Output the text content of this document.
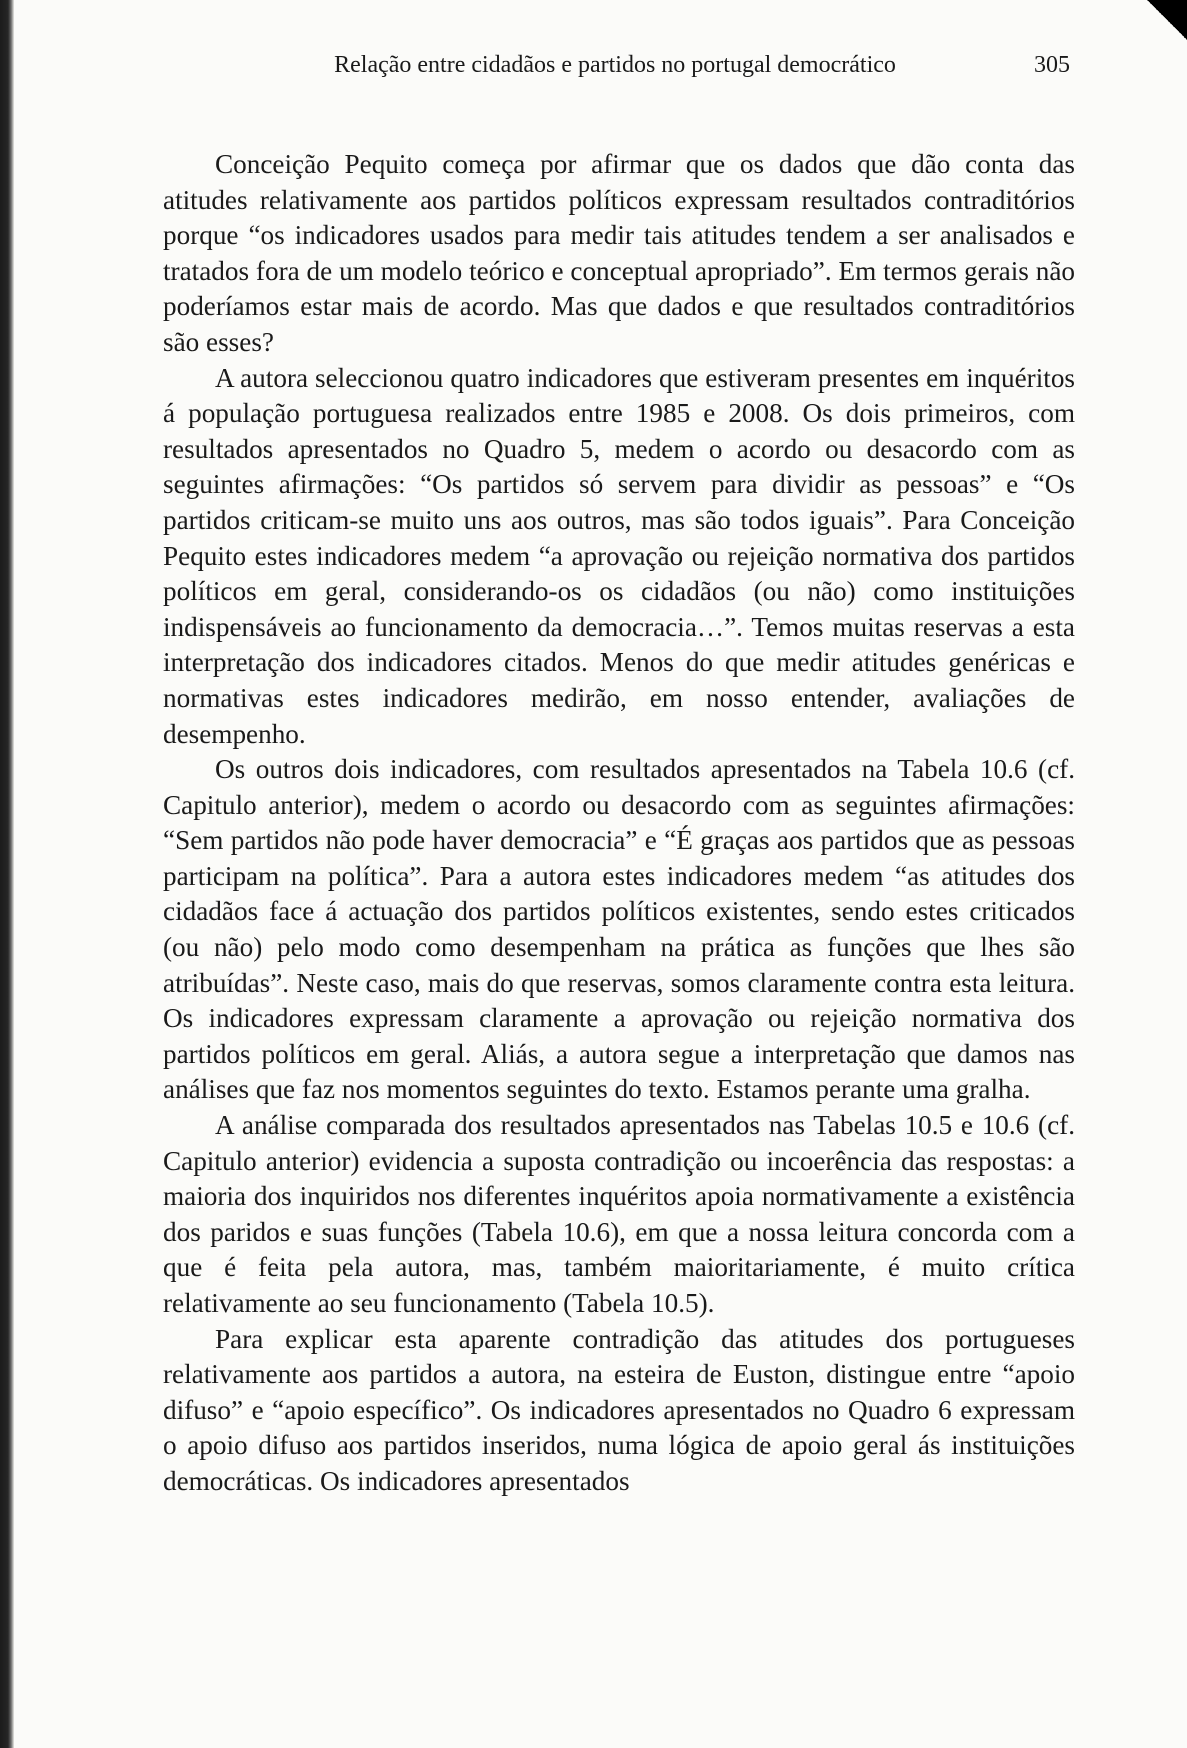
Relação entre cidadãos e partidos no portugal democrático	305

Conceição Pequito começa por afirmar que os dados que dão conta das atitudes relativamente aos partidos políticos expressam resultados contraditórios porque “os indicadores usados para medir tais atitudes tendem a ser analisados e tratados fora de um modelo teórico e conceptual apropriado”. Em termos gerais não poderíamos estar mais de acordo. Mas que dados e que resultados contraditórios são esses?

A autora seleccionou quatro indicadores que estiveram presentes em inquéritos á população portuguesa realizados entre 1985 e 2008. Os dois primeiros, com resultados apresentados no Quadro 5, medem o acordo ou desacordo com as seguintes afirmações: “Os partidos só servem para dividir as pessoas” e “Os partidos criticam-se muito uns aos outros, mas são todos iguais”. Para Conceição Pequito estes indicadores medem “a aprovação ou rejeição normativa dos partidos políticos em geral, considerando-os os cidadãos (ou não) como instituições indispensáveis ao funcionamento da democracia…”. Temos muitas reservas a esta interpretação dos indicadores citados. Menos do que medir atitudes genéricas e normativas estes indicadores medirão, em nosso entender, avaliações de desempenho.

Os outros dois indicadores, com resultados apresentados na Tabela 10.6 (cf. Capitulo anterior), medem o acordo ou desacordo com as seguintes afirmações: “Sem partidos não pode haver democracia” e “É graças aos partidos que as pessoas participam na política”. Para a autora estes indicadores medem “as atitudes dos cidadãos face á actuação dos partidos políticos existentes, sendo estes criticados (ou não) pelo modo como desempenham na prática as funções que lhes são atribuídas”. Neste caso, mais do que reservas, somos claramente contra esta leitura. Os indicadores expressam claramente a aprovação ou rejeição normativa dos partidos políticos em geral. Aliás, a autora segue a interpretação que damos nas análises que faz nos momentos seguintes do texto. Estamos perante uma gralha.

A análise comparada dos resultados apresentados nas Tabelas 10.5 e 10.6 (cf. Capitulo anterior) evidencia a suposta contradição ou incoerência das respostas: a maioria dos inquiridos nos diferentes inquéritos apoia normativamente a existência dos paridos e suas funções (Tabela 10.6), em que a nossa leitura concorda com a que é feita pela autora, mas, também maioritariamente, é muito crítica relativamente ao seu funcionamento (Tabela 10.5).

Para explicar esta aparente contradição das atitudes dos portugueses relativamente aos partidos a autora, na esteira de Euston, distingue entre “apoio difuso” e “apoio específico”. Os indicadores apresentados no Quadro 6 expressam o apoio difuso aos partidos inseridos, numa lógica de apoio geral ás instituições democráticas. Os indicadores apresentados
